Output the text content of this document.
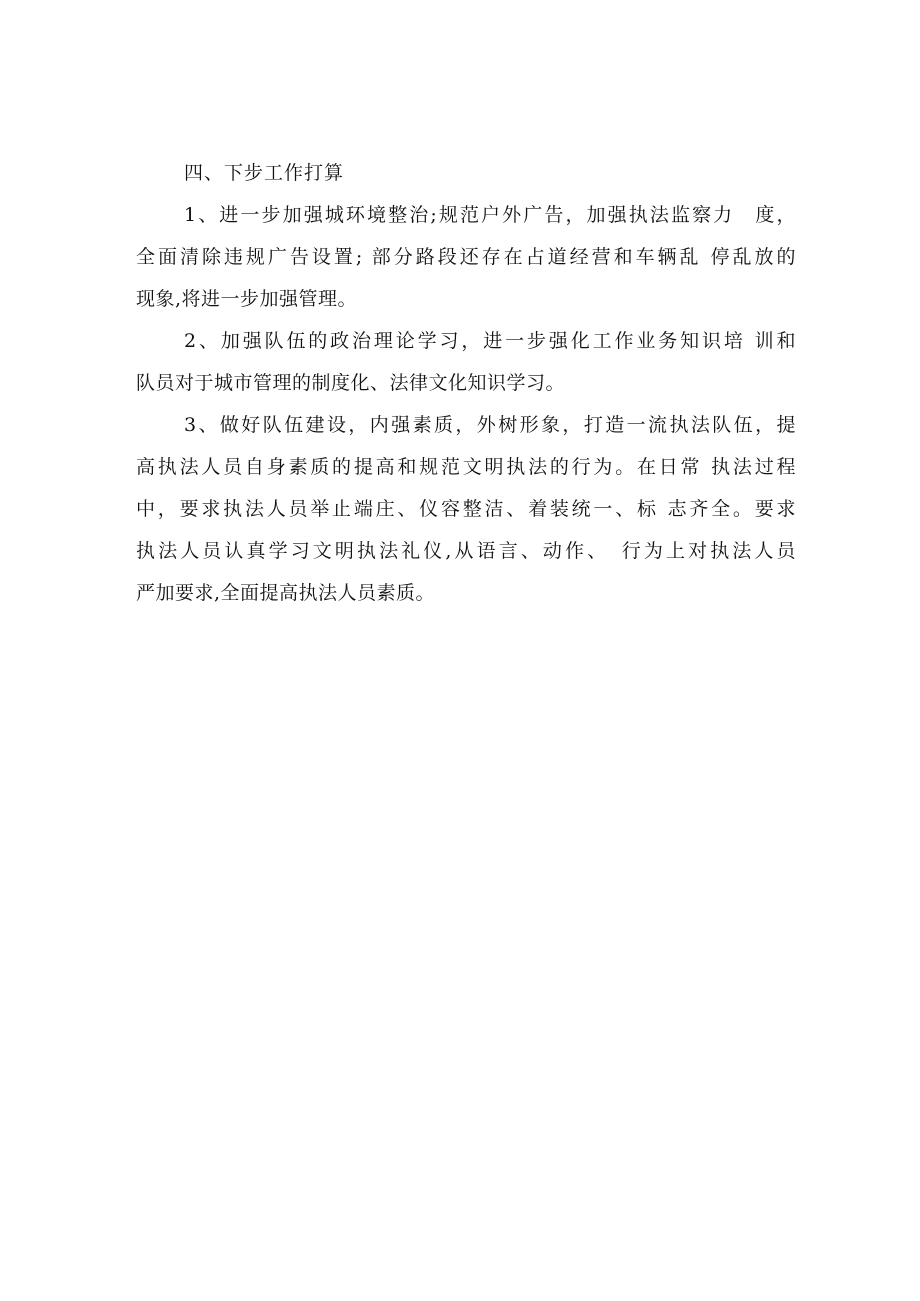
四、下步工作打算
1、进一步加强城环境整治;规范户外广告，加强执法监察力　度，
全面清除违规广告设置; 部分路段还存在占道经营和车辆乱 停乱放的
现象,将进一步加强管理。
2、加强队伍的政治理论学习，进一步强化工作业务知识培 训和
队员对于城市管理的制度化、法律文化知识学习。
3、做好队伍建设，内强素质，外树形象，打造一流执法队伍，提
高执法人员自身素质的提高和规范文明执法的行为。在日常 执法过程
中，要求执法人员举止端庄、仪容整洁、着装统一、标 志齐全。要求
执法人员认真学习文明执法礼仪,从语言、动作、　行为上对执法人员
严加要求,全面提高执法人员素质。
